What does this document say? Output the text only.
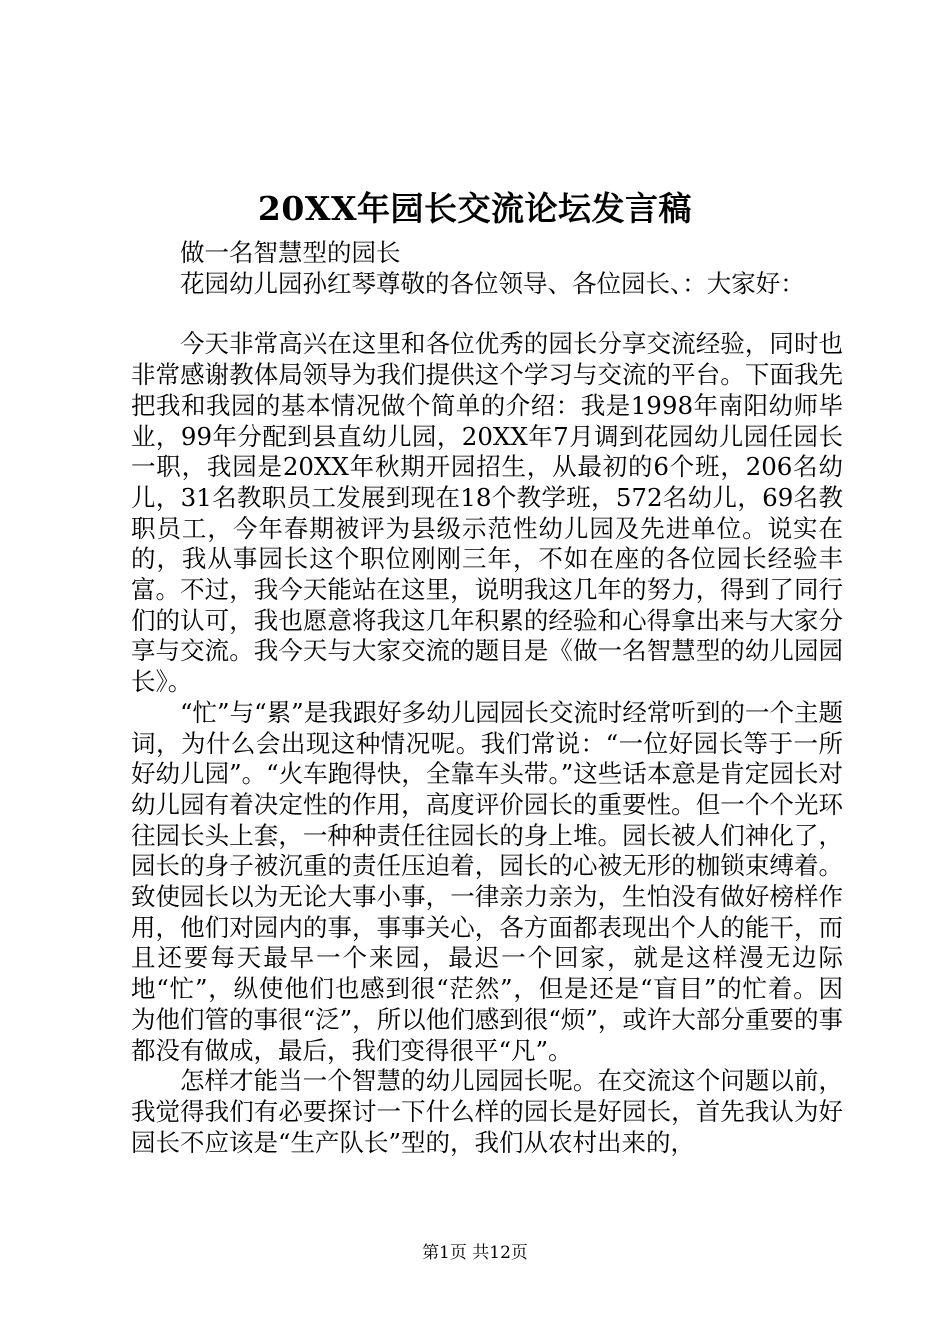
20XX年园长交流论坛发言稿

做一名智慧型的园长

花园幼儿园孙红琴尊敬的各位领导、各位园长、：大家好：

今天非常高兴在这里和各位优秀的园长分享交流经验，同时也非常感谢教体局领导为我们提供这个学习与交流的平台。下面我先把我和我园的基本情况做个简单的介绍：我是1998年南阳幼师毕业，99年分配到县直幼儿园，20XX年7月调到花园幼儿园任园长一职，我园是20XX年秋期开园招生，从最初的6个班，206名幼儿，31名教职员工发展到现在18个教学班，572名幼儿，69名教职员工，今年春期被评为县级示范性幼儿园及先进单位。说实在的，我从事园长这个职位刚刚三年，不如在座的各位园长经验丰富。不过，我今天能站在这里，说明我这几年的努力，得到了同行们的认可，我也愿意将我这几年积累的经验和心得拿出来与大家分享与交流。我今天与大家交流的题目是《做一名智慧型的幼儿园园长》。

“忙”与“累”是我跟好多幼儿园园长交流时经常听到的一个主题词，为什么会出现这种情况呢。我们常说：“一位好园长等于一所好幼儿园”。“火车跑得快，全靠车头带。”这些话本意是肯定园长对幼儿园有着决定性的作用，高度评价园长的重要性。但一个个光环往园长头上套，一种种责任往园长的身上堆。园长被人们神化了，园长的身子被沉重的责任压迫着，园长的心被无形的枷锁束缚着。致使园长以为无论大事小事，一律亲力亲为，生怕没有做好榜样作用，他们对园内的事，事事关心，各方面都表现出个人的能干，而且还要每天最早一个来园，最迟一个回家，就是这样漫无边际地“忙”，纵使他们也感到很“茫然”，但是还是“盲目”的忙着。因为他们管的事很“泛”，所以他们感到很“烦”，或许大部分重要的事都没有做成，最后，我们变得很平“凡”。

怎样才能当一个智慧的幼儿园园长呢。在交流这个问题以前，我觉得我们有必要探讨一下什么样的园长是好园长，首先我认为好园长不应该是“生产队长”型的，我们从农村出来的，

第1页 共12页
